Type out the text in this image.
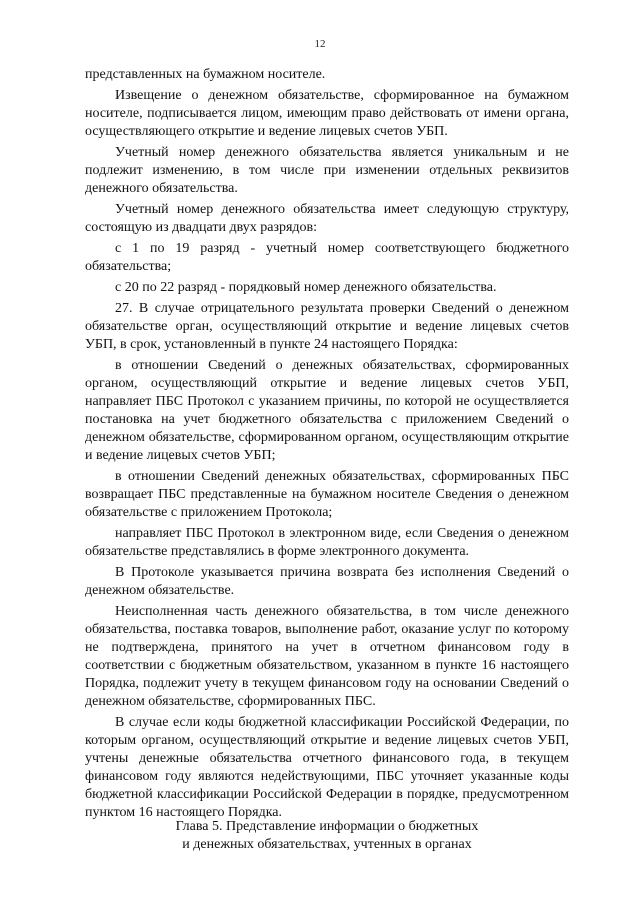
12

представленных на бумажном носителе.

Извещение о денежном обязательстве, сформированное на бумажном носителе, подписывается лицом, имеющим право действовать от имени органа, осуществляющего открытие и ведение лицевых счетов УБП.

Учетный номер денежного обязательства является уникальным и не подлежит изменению, в том числе при изменении отдельных реквизитов денежного обязательства.

Учетный номер денежного обязательства имеет следующую структуру, состоящую из двадцати двух разрядов:

с 1 по 19 разряд - учетный номер соответствующего бюджетного обязательства;

с 20 по 22 разряд - порядковый номер денежного обязательства.

27. В случае отрицательного результата проверки Сведений о денежном обязательстве орган, осуществляющий открытие и ведение лицевых счетов УБП, в срок, установленный в пункте 24 настоящего Порядка:

в отношении Сведений о денежных обязательствах, сформированных органом, осуществляющий открытие и ведение лицевых счетов УБП, направляет ПБС Протокол с указанием причины, по которой не осуществляется постановка на учет бюджетного обязательства с приложением Сведений о денежном обязательстве, сформированном органом, осуществляющим открытие и ведение лицевых счетов УБП;

в отношении Сведений денежных обязательствах, сформированных ПБС возвращает ПБС представленные на бумажном носителе Сведения о денежном обязательстве с приложением Протокола;

направляет ПБС Протокол в электронном виде, если Сведения о денежном обязательстве представлялись в форме электронного документа.

В Протоколе указывается причина возврата без исполнения Сведений о денежном обязательстве.

Неисполненная часть денежного обязательства, в том числе денежного обязательства, поставка товаров, выполнение работ, оказание услуг по которому не подтверждена, принятого на учет в отчетном финансовом году в соответствии с бюджетным обязательством, указанном в пункте 16 настоящего Порядка, подлежит учету в текущем финансовом году на основании Сведений о денежном обязательстве, сформированных ПБС.

В случае если коды бюджетной классификации Российской Федерации, по которым органом, осуществляющий открытие и ведение лицевых счетов УБП, учтены денежные обязательства отчетного финансового года, в текущем финансовом году являются недействующими, ПБС уточняет указанные коды бюджетной классификации Российской Федерации в порядке, предусмотренном пунктом 16 настоящего Порядка.

Глава 5. Представление информации о бюджетных
и денежных обязательствах, учтенных в органах
